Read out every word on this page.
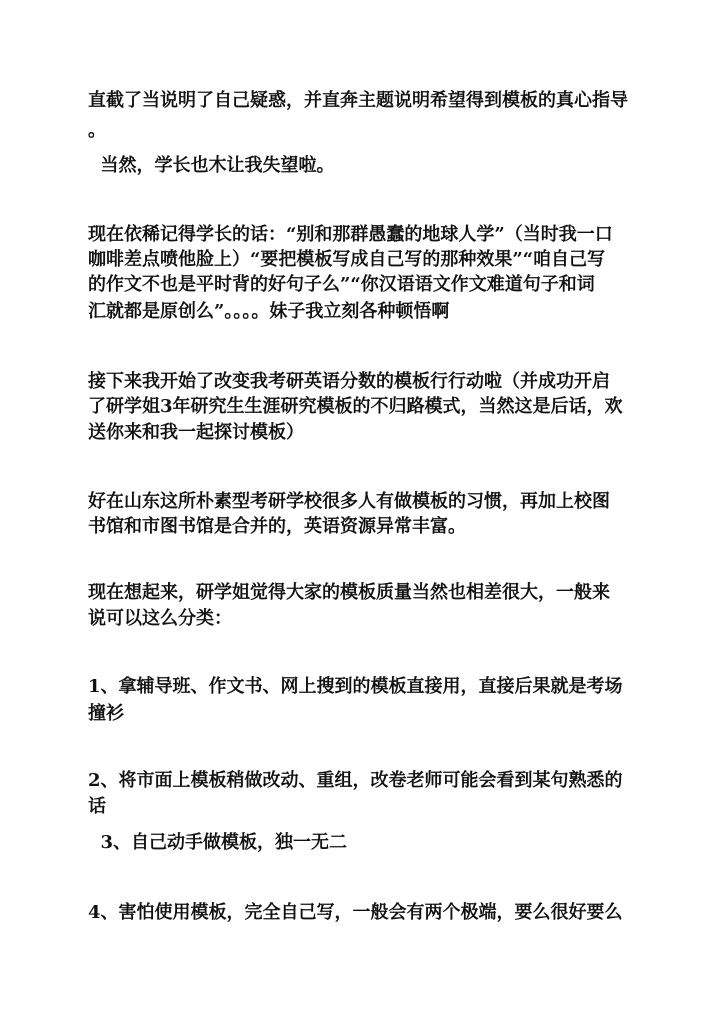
直截了当说明了自己疑惑，并直奔主题说明希望得到模板的真心指导
。
当然，学长也木让我失望啦。
现在依稀记得学长的话：“别和那群愚蠢的地球人学”（当时我一口
咖啡差点喷他脸上）“要把模板写成自己写的那种效果”“咱自己写
的作文不也是平时背的好句子么”“你汉语语文作文难道句子和词
汇就都是原创么”。。。。妹子我立刻各种顿悟啊
接下来我开始了改变我考研英语分数的模板行行动啦（并成功开启
了研学姐3年研究生生涯研究模板的不归路模式，当然这是后话，欢
送你来和我一起探讨模板）
好在山东这所朴素型考研学校很多人有做模板的习惯，再加上校图
书馆和市图书馆是合并的，英语资源异常丰富。
现在想起来，研学姐觉得大家的模板质量当然也相差很大，一般来
说可以这么分类：
1、拿辅导班、作文书、网上搜到的模板直接用，直接后果就是考场
撞衫
2、将市面上模板稍做改动、重组，改卷老师可能会看到某句熟悉的
话
3、自己动手做模板，独一无二
4、害怕使用模板，完全自己写，一般会有两个极端，要么很好要么
